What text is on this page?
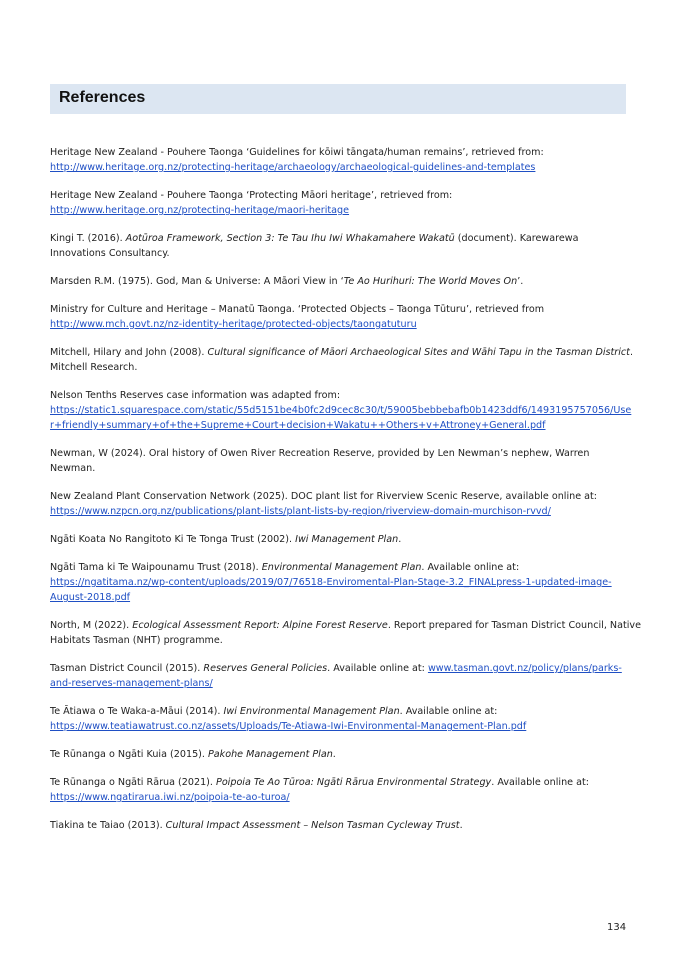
References
Heritage New Zealand - Pouhere Taonga ‘Guidelines for kōiwi tāngata/human remains’, retrieved from:
http://www.heritage.org.nz/protecting-heritage/archaeology/archaeological-guidelines-and-templates
Heritage New Zealand - Pouhere Taonga ‘Protecting Māori heritage’, retrieved from:
http://www.heritage.org.nz/protecting-heritage/maori-heritage
Kingi T. (2016). Aotūroa Framework, Section 3: Te Tau Ihu Iwi Whakamahere Wakatū (document). Karewarewa
Innovations Consultancy.
Marsden R.M. (1975). God, Man & Universe: A Māori View in ‘Te Ao Hurihuri: The World Moves On’.
Ministry for Culture and Heritage – Manatū Taonga. ‘Protected Objects – Taonga Tūturu’, retrieved from
http://www.mch.govt.nz/nz-identity-heritage/protected-objects/taongatuturu
Mitchell, Hilary and John (2008). Cultural significance of Māori Archaeological Sites and Wāhi Tapu in the Tasman District.
Mitchell Research.
Nelson Tenths Reserves case information was adapted from:
https://static1.squarespace.com/static/55d5151be4b0fc2d9cec8c30/t/59005bebbebafb0b1423ddf6/1493195757056/Use
r+friendly+summary+of+the+Supreme+Court+decision+Wakatu++Others+v+Attroney+General.pdf
Newman, W (2024). Oral history of Owen River Recreation Reserve, provided by Len Newman’s nephew, Warren
Newman.
New Zealand Plant Conservation Network (2025). DOC plant list for Riverview Scenic Reserve, available online at:
https://www.nzpcn.org.nz/publications/plant-lists/plant-lists-by-region/riverview-domain-murchison-rvvd/
Ngāti Koata No Rangitoto Ki Te Tonga Trust (2002). Iwi Management Plan.
Ngāti Tama ki Te Waipounamu Trust (2018). Environmental Management Plan. Available online at:
https://ngatitama.nz/wp-content/uploads/2019/07/76518-Enviromental-Plan-Stage-3.2_FINALpress-1-updated-image-
August-2018.pdf
North, M (2022). Ecological Assessment Report: Alpine Forest Reserve. Report prepared for Tasman District Council, Native
Habitats Tasman (NHT) programme.
Tasman District Council (2015). Reserves General Policies. Available online at: www.tasman.govt.nz/policy/plans/parks-
and-reserves-management-plans/
Te Ātiawa o Te Waka-a-Māui (2014). Iwi Environmental Management Plan. Available online at:
https://www.teatiawatrust.co.nz/assets/Uploads/Te-Atiawa-Iwi-Environmental-Management-Plan.pdf
Te Rūnanga o Ngāti Kuia (2015). Pakohe Management Plan.
Te Rūnanga o Ngāti Rārua (2021). Poipoia Te Ao Tūroa: Ngāti Rārua Environmental Strategy. Available online at:
https://www.ngatirarua.iwi.nz/poipoia-te-ao-turoa/
Tiakina te Taiao (2013). Cultural Impact Assessment – Nelson Tasman Cycleway Trust.
134
